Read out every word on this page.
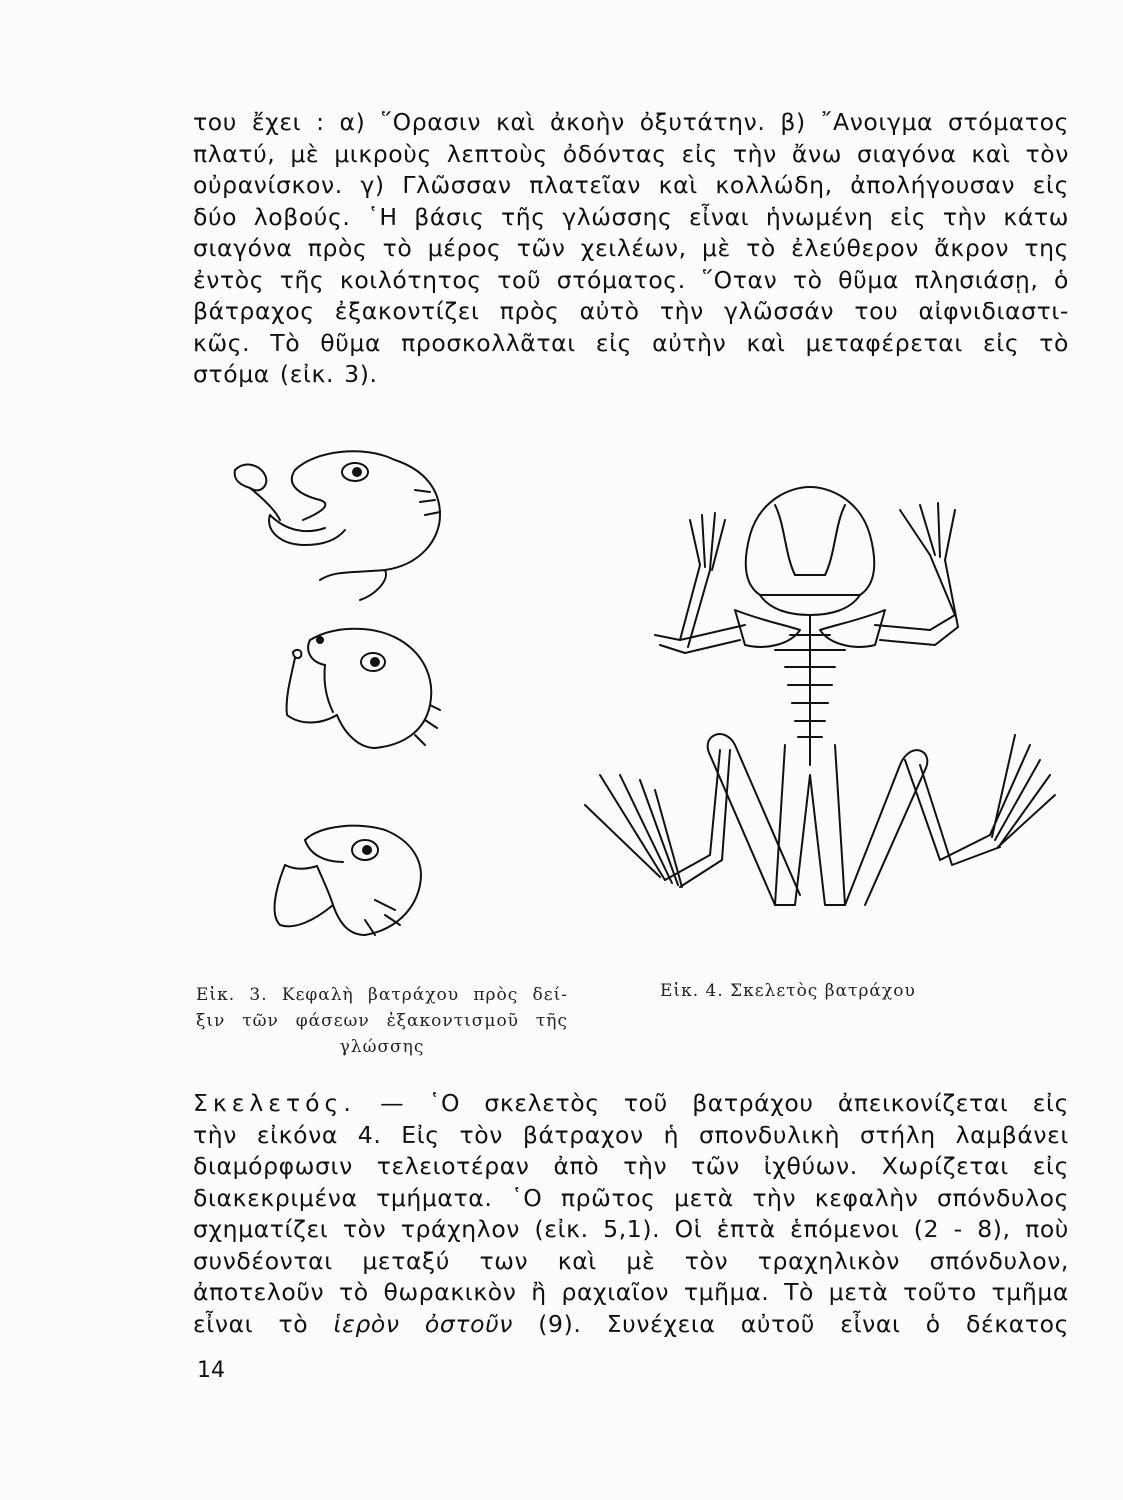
του ἔχει : α) ῞Ορασιν καὶ ἀκοὴν ὀξυτάτην. β) ῎Ανοιγμα στόματος
πλατύ, μὲ μικροὺς λεπτοὺς ὀδόντας εἰς τὴν ἄνω σιαγόνα καὶ τὸν
οὐρανίσκον. γ) Γλῶσσαν πλατεῖαν καὶ κολλώδη, ἀπολήγουσαν εἰς
δύο λοβούς. ῾Η βάσις τῆς γλώσσης εἶναι ἡνωμένη εἰς τὴν κάτω
σιαγόνα πρὸς τὸ μέρος τῶν χειλέων, μὲ τὸ ἐλεύθερον ἄκρον της
ἐντὸς τῆς κοιλότητος τοῦ στόματος. ῞Οταν τὸ θῦμα πλησιάσῃ, ὁ
βάτραχος ἐξακοντίζει πρὸς αὐτὸ τὴν γλῶσσάν του αἰφνιδιαστι-
κῶς. Τὸ θῦμα προσκολλᾶται εἰς αὐτὴν καὶ μεταφέρεται εἰς τὸ
στόμα (εἰκ. 3).
Εἰκ. 3. Κεφαλὴ βατράχου πρὸς δεί-
ξιν τῶν φάσεων ἐξακοντισμοῦ τῆς
γλώσσης
Εἰκ. 4. Σκελετὸς βατράχου
Σκελετός. — ῾Ο σκελετὸς τοῦ βατράχου ἀπεικονίζεται εἰς
τὴν εἰκόνα 4. Εἰς τὸν βάτραχον ἡ σπονδυλικὴ στήλη λαμβάνει
διαμόρφωσιν τελειοτέραν ἀπὸ τὴν τῶν ἰχθύων. Χωρίζεται εἰς
διακεκριμένα τμήματα. ῾Ο πρῶτος μετὰ τὴν κεφαλὴν σπόνδυλος
σχηματίζει τὸν τράχηλον (εἰκ. 5,1). Οἱ ἑπτὰ ἑπόμενοι (2 - 8), ποὺ
συνδέονται μεταξύ των καὶ μὲ τὸν τραχηλικὸν σπόνδυλον,
ἀποτελοῦν τὸ θωρακικὸν ἢ ραχιαῖον τμῆμα. Τὸ μετὰ τοῦτο τμῆμα
εἶναι τὸ ἱερὸν ὀστοῦν (9). Συνέχεια αὐτοῦ εἶναι ὁ δέκατος
14
